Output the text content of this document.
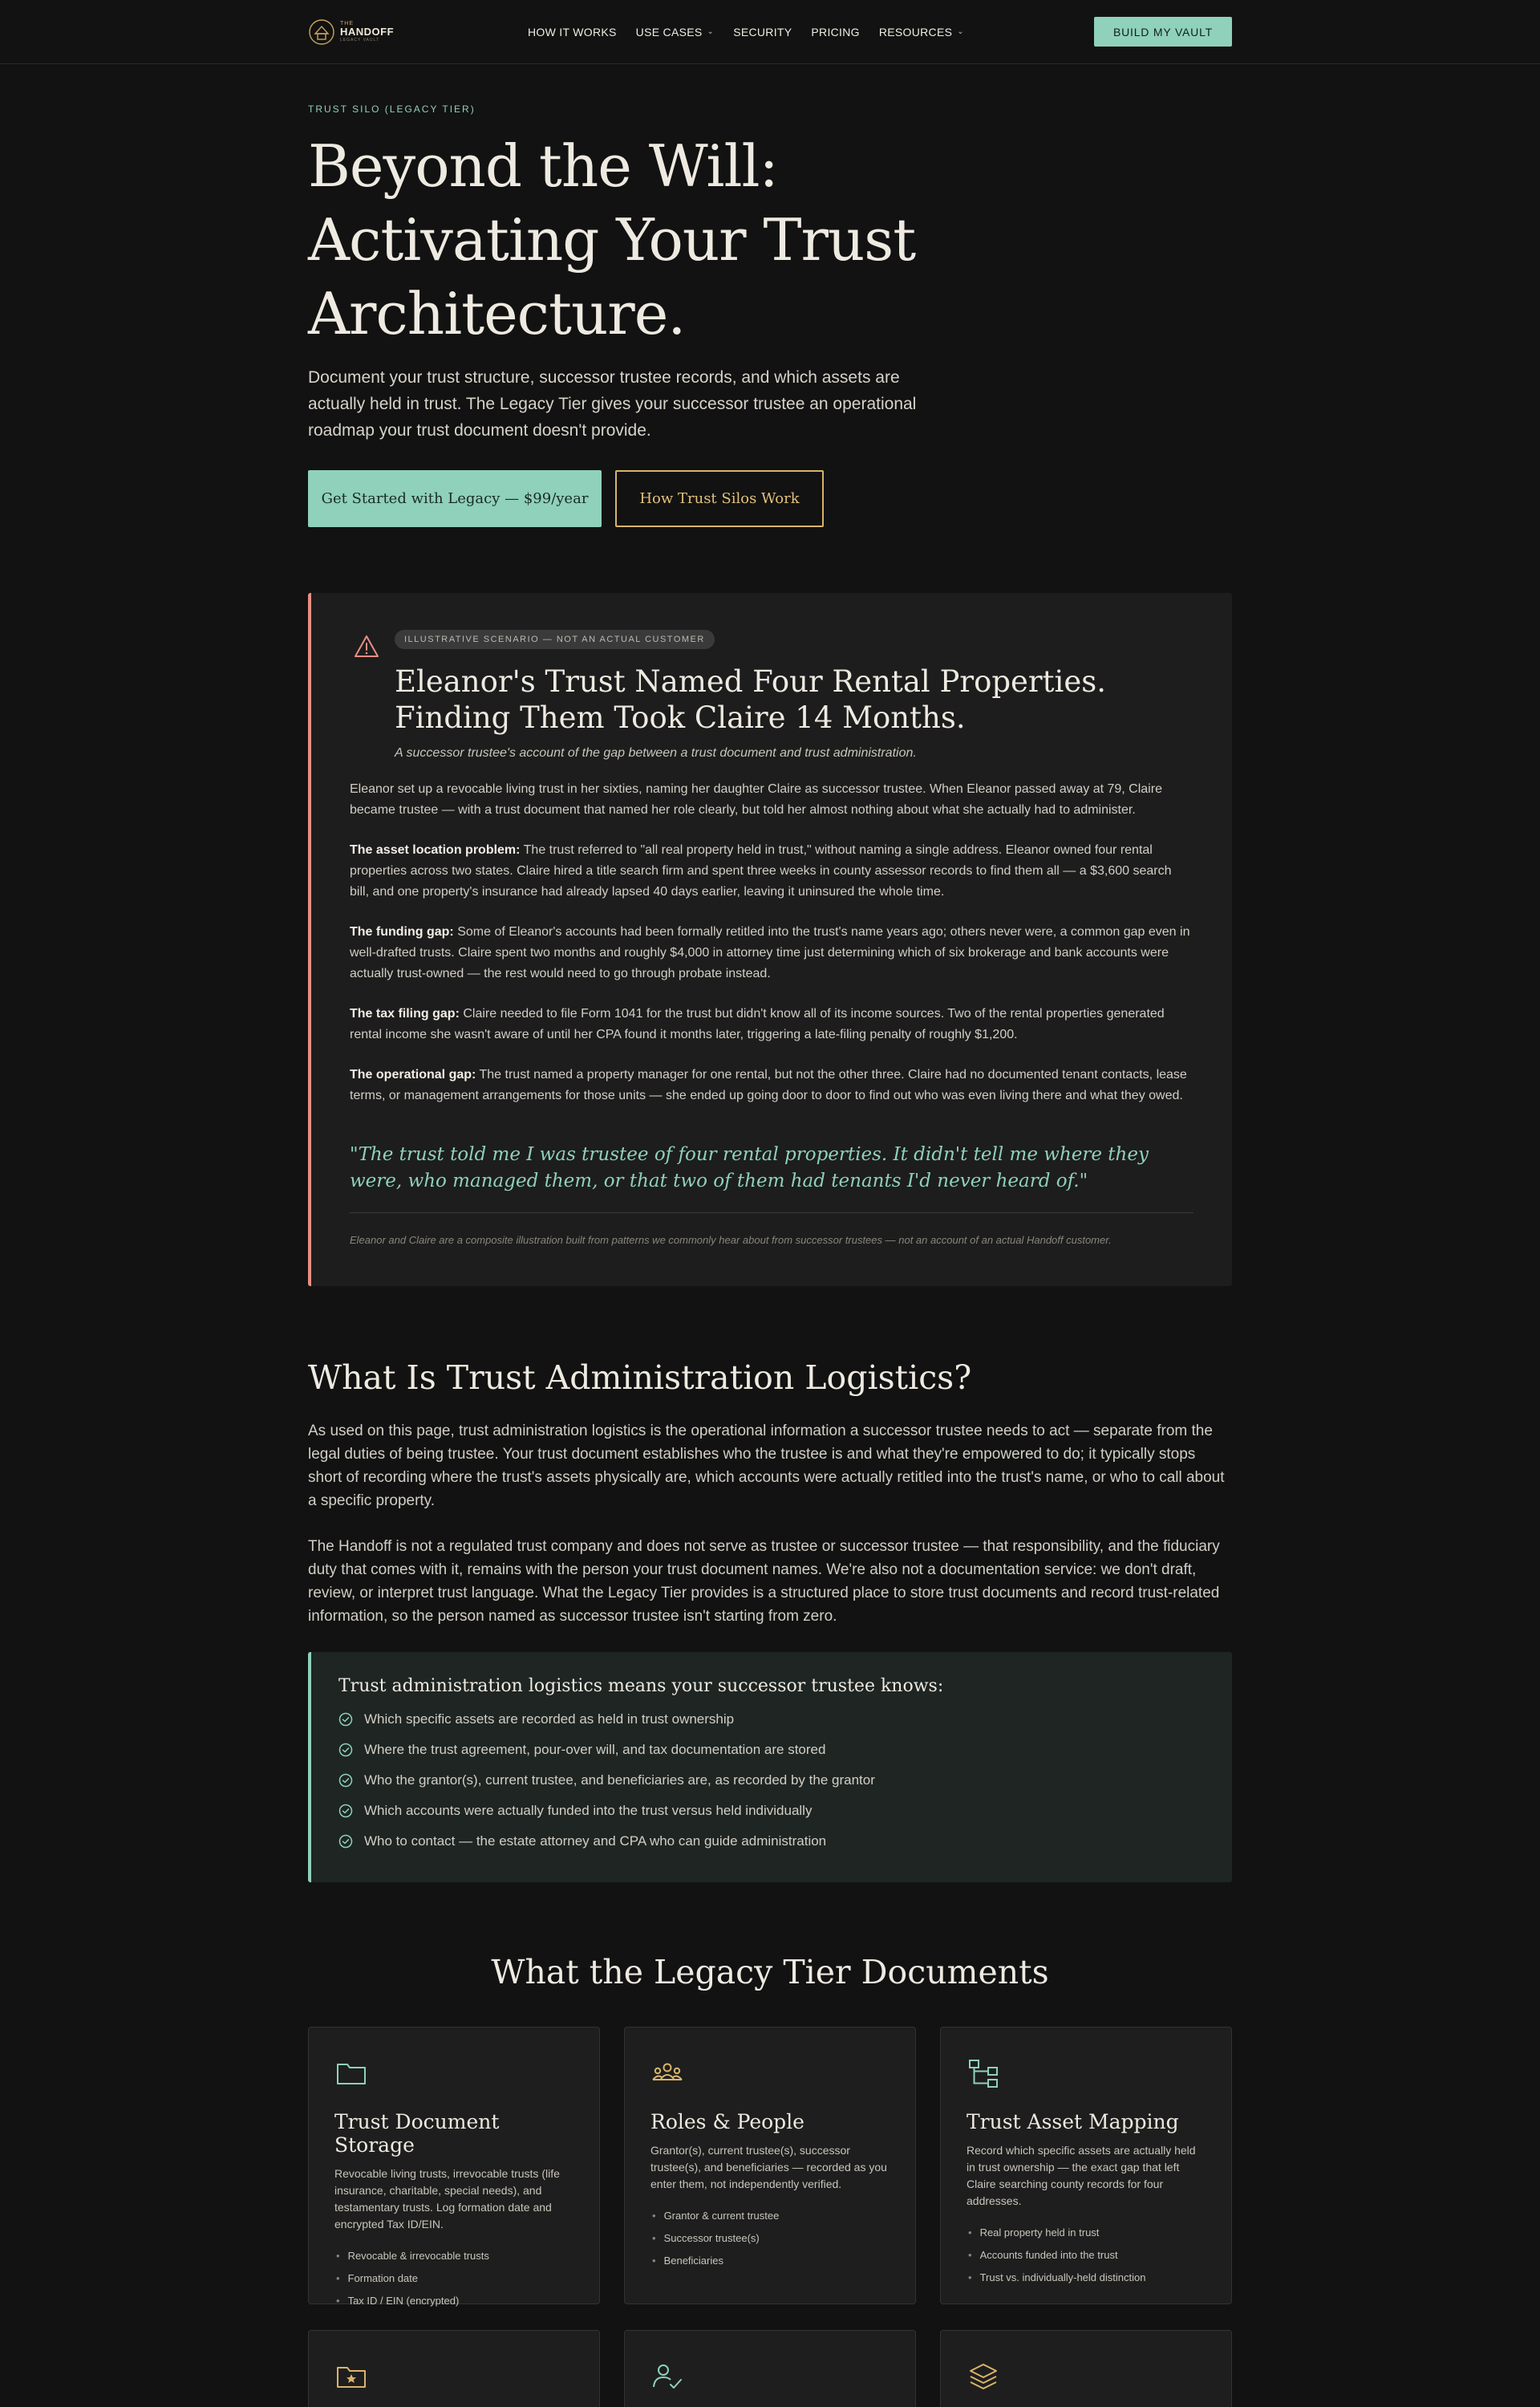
THE
HANDOFF
LEGACY VAULT
HOW IT WORKS USE CASES ⌄ SECURITY PRICING RESOURCES ⌄	BUILD MY VAULT
TRUST SILO (LEGACY TIER)
Beyond the Will: Activating Your Trust Architecture.

Document your trust structure, successor trustee records, and which assets are actually held in trust. The Legacy Tier gives your successor trustee an operational roadmap your trust document doesn't provide.

Get Started with Legacy — $99/year	How Trust Silos Work
ILLUSTRATIVE SCENARIO — NOT AN ACTUAL CUSTOMER
Eleanor's Trust Named Four Rental Properties. Finding Them Took Claire 14 Months.

A successor trustee's account of the gap between a trust document and trust administration.

Eleanor set up a revocable living trust in her sixties, naming her daughter Claire as successor trustee. When Eleanor passed away at 79, Claire became trustee — with a trust document that named her role clearly, but told her almost nothing about what she actually had to administer.

The asset location problem: The trust referred to "all real property held in trust," without naming a single address. Eleanor owned four rental properties across two states. Claire hired a title search firm and spent three weeks in county assessor records to find them all — a $3,600 search bill, and one property's insurance had already lapsed 40 days earlier, leaving it uninsured the whole time.

The funding gap: Some of Eleanor's accounts had been formally retitled into the trust's name years ago; others never were, a common gap even in well-drafted trusts. Claire spent two months and roughly $4,000 in attorney time just determining which of six brokerage and bank accounts were actually trust-owned — the rest would need to go through probate instead.

The tax filing gap: Claire needed to file Form 1041 for the trust but didn't know all of its income sources. Two of the rental properties generated rental income she wasn't aware of until her CPA found it months later, triggering a late-filing penalty of roughly $1,200.

The operational gap: The trust named a property manager for one rental, but not the other three. Claire had no documented tenant contacts, lease terms, or management arrangements for those units — she ended up going door to door to find out who was even living there and what they owed.

"The trust told me I was trustee of four rental properties. It didn't tell me where they were, who managed them, or that two of them had tenants I'd never heard of."

Eleanor and Claire are a composite illustration built from patterns we commonly hear about from successor trustees — not an account of an actual Handoff customer.

What Is Trust Administration Logistics?

As used on this page, trust administration logistics is the operational information a successor trustee needs to act — separate from the legal duties of being trustee. Your trust document establishes who the trustee is and what they're empowered to do; it typically stops short of recording where the trust's assets physically are, which accounts were actually retitled into the trust's name, or who to call about a specific property.

The Handoff is not a regulated trust company and does not serve as trustee or successor trustee — that responsibility, and the fiduciary duty that comes with it, remains with the person your trust document names. We're also not a documentation service: we don't draft, review, or interpret trust language. What the Legacy Tier provides is a structured place to store trust documents and record trust-related information, so the person named as successor trustee isn't starting from zero.

Trust administration logistics means your successor trustee knows:
Which specific assets are recorded as held in trust ownership
Where the trust agreement, pour-over will, and tax documentation are stored
Who the grantor(s), current trustee, and beneficiaries are, as recorded by the grantor
Which accounts were actually funded into the trust versus held individually
Who to contact — the estate attorney and CPA who can guide administration
What the Legacy Tier Documents
Trust Document Storage

Revocable living trusts, irrevocable trusts (life insurance, charitable, special needs), and testamentary trusts. Log formation date and encrypted Tax ID/EIN.

• Revocable & irrevocable trusts
• Formation date
• Tax ID / EIN (encrypted)
Roles & People

Grantor(s), current trustee(s), successor trustee(s), and beneficiaries — recorded as you enter them, not independently verified.

• Grantor & current trustee
• Successor trustee(s)
• Beneficiaries
Trust Asset Mapping

Record which specific assets are actually held in trust ownership — the exact gap that left Claire searching county records for four addresses.

• Real property held in trust
• Accounts funded into the trust
• Trust vs. individually-held distinction
